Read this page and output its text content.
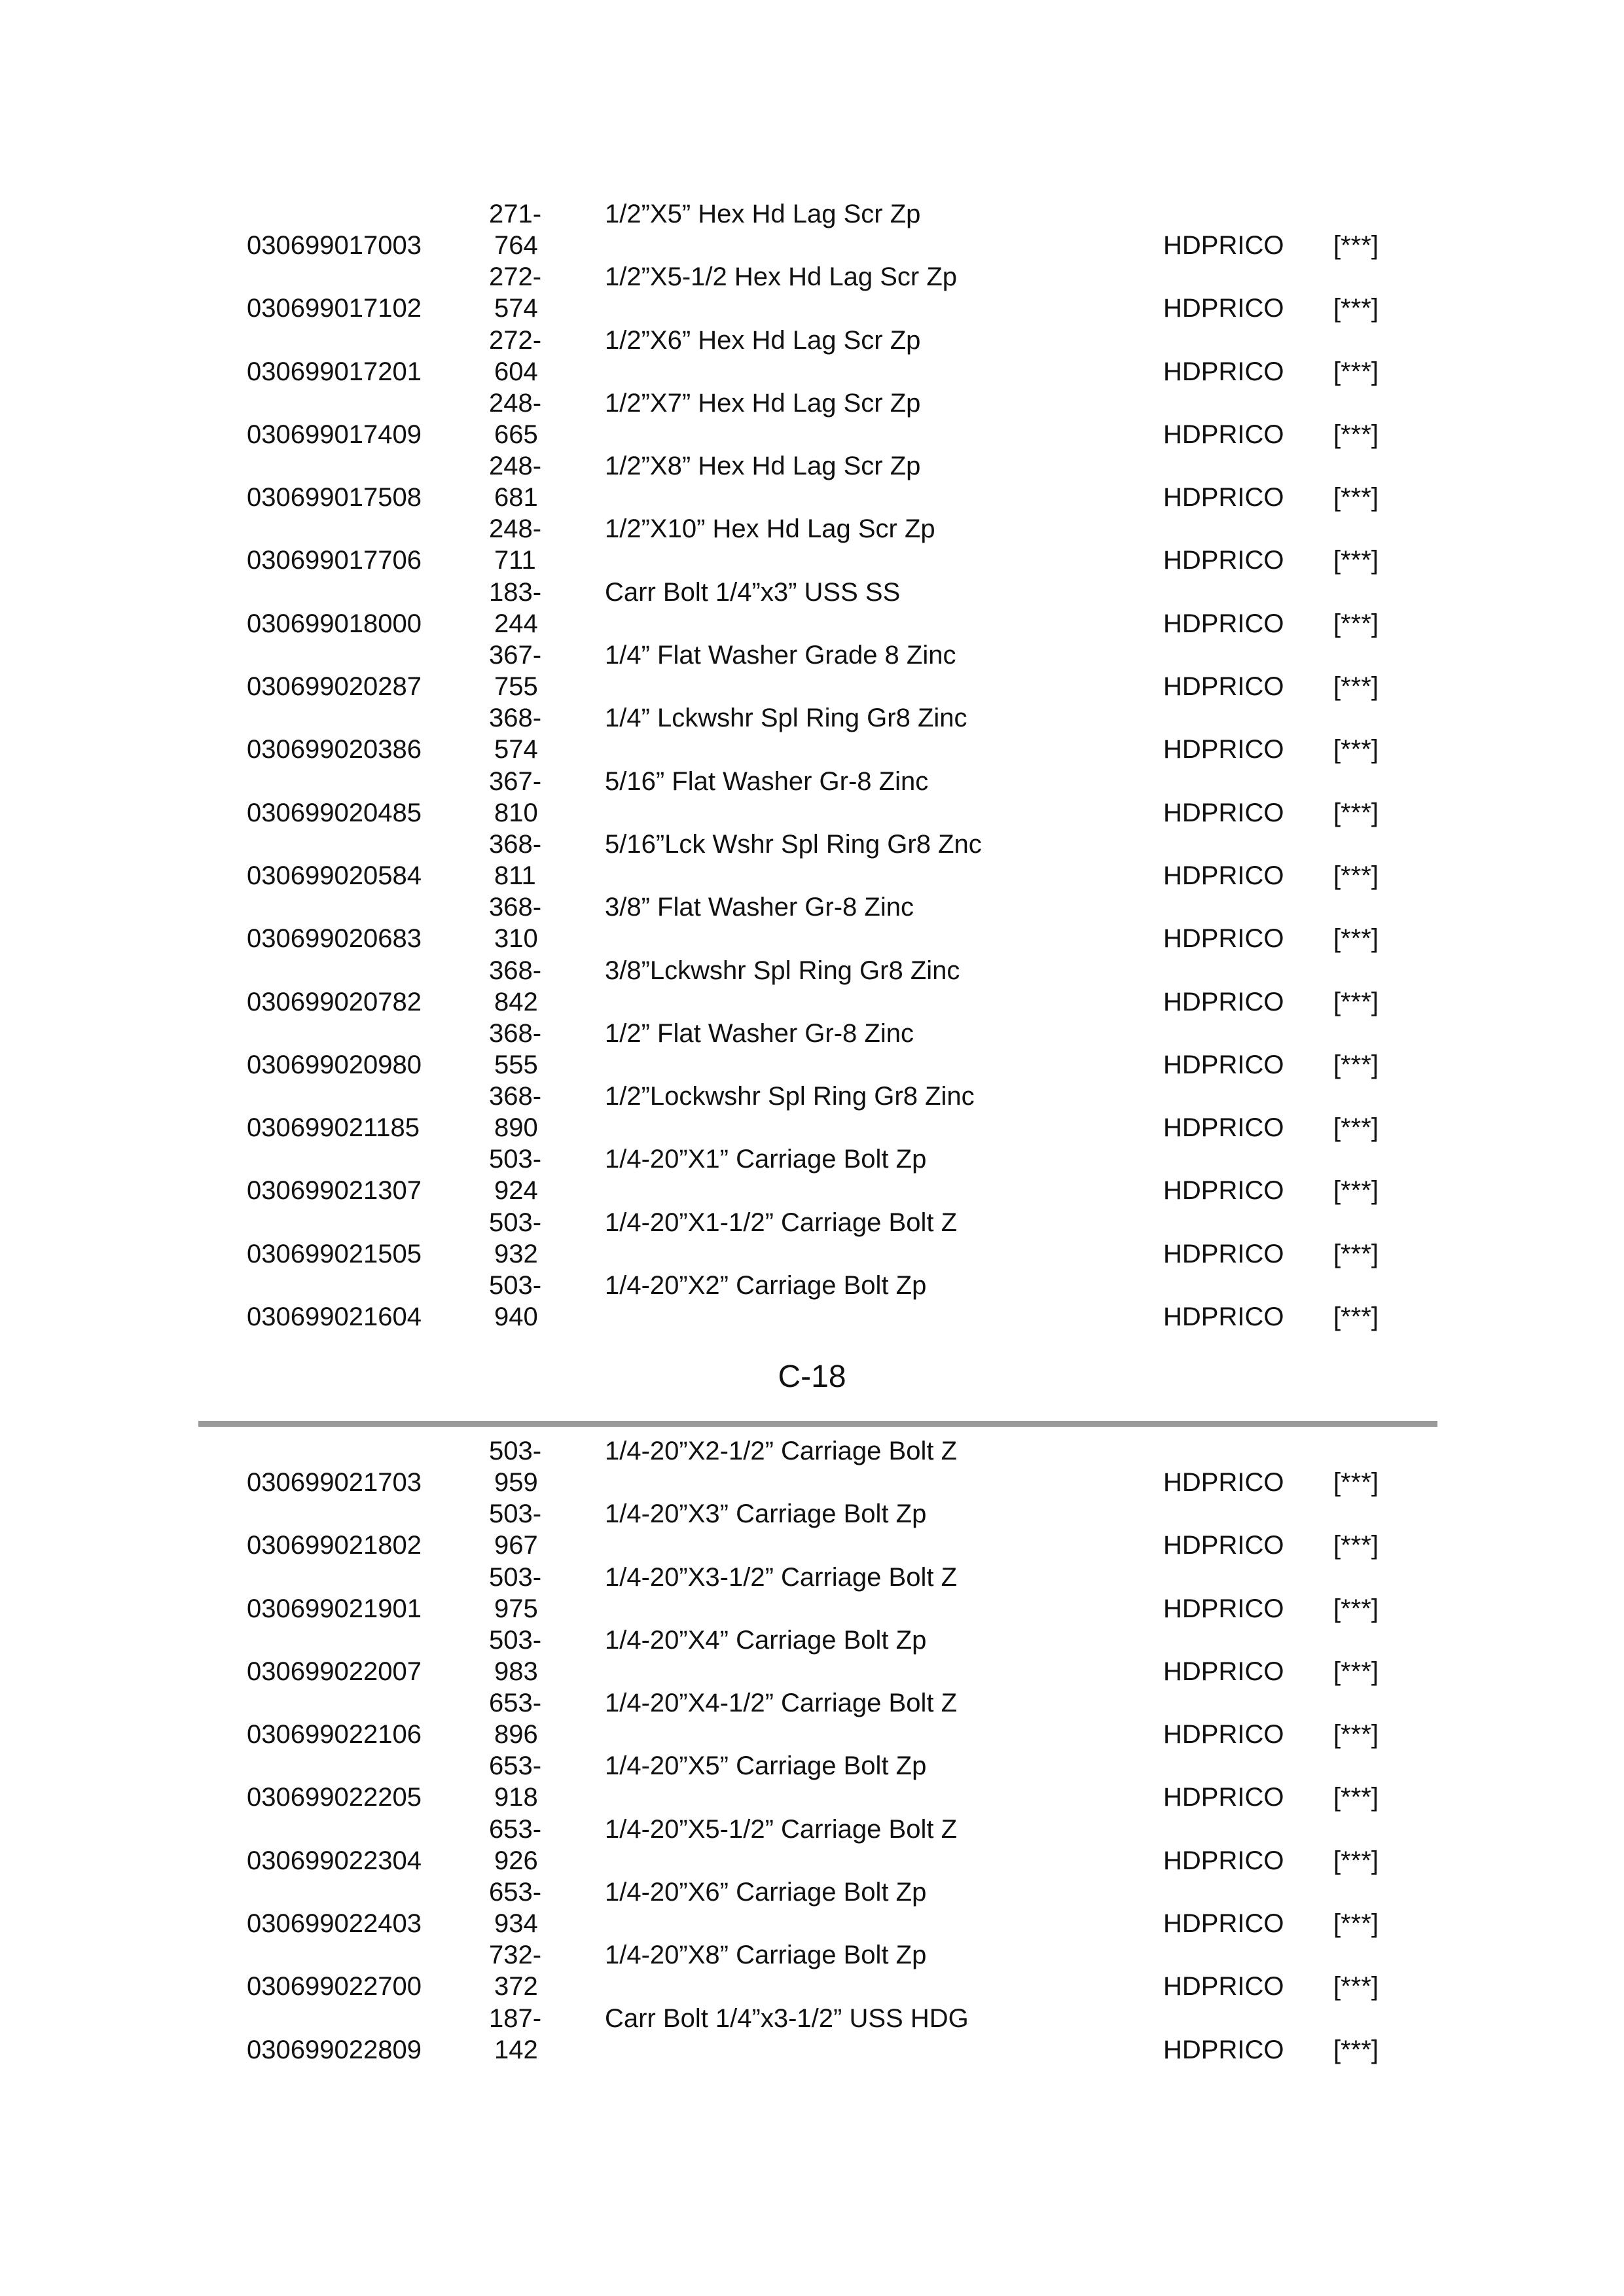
030699017003
271-
764
1/2”X5” Hex Hd Lag Scr Zp
HDPRICO [***]
030699017102
272-
574
1/2”X5-1/2 Hex Hd Lag Scr Zp
HDPRICO [***]
030699017201
272-
604
1/2”X6” Hex Hd Lag Scr Zp
HDPRICO [***]
030699017409
248-
665
1/2”X7” Hex Hd Lag Scr Zp
HDPRICO [***]
030699017508
248-
681
1/2”X8” Hex Hd Lag Scr Zp
HDPRICO [***]
030699017706
248-
711
1/2”X10” Hex Hd Lag Scr Zp
HDPRICO [***]
030699018000
183-
244
Carr Bolt 1/4”x3” USS SS
HDPRICO [***]
030699020287
367-
755
1/4” Flat Washer Grade 8 Zinc
HDPRICO [***]
030699020386
368-
574
1/4” Lckwshr Spl Ring Gr8 Zinc
HDPRICO [***]
030699020485
367-
810
5/16” Flat Washer Gr-8 Zinc
HDPRICO [***]
030699020584
368-
811
5/16”Lck Wshr Spl Ring Gr8 Znc
HDPRICO [***]
030699020683
368-
310
3/8” Flat Washer Gr-8 Zinc
HDPRICO [***]
030699020782
368-
842
3/8”Lckwshr Spl Ring Gr8 Zinc
HDPRICO [***]
030699020980
368-
555
1/2” Flat Washer Gr-8 Zinc
HDPRICO [***]
030699021185
368-
890
1/2”Lockwshr Spl Ring Gr8 Zinc
HDPRICO [***]
030699021307
503-
924
1/4-20”X1” Carriage Bolt Zp
HDPRICO [***]
030699021505
503-
932
1/4-20”X1-1/2” Carriage Bolt Z
HDPRICO [***]
030699021604
503-
940
1/4-20”X2” Carriage Bolt Zp
HDPRICO [***]
C-18
030699021703
503-
959
1/4-20”X2-1/2” Carriage Bolt Z
HDPRICO [***]
030699021802
503-
967
1/4-20”X3” Carriage Bolt Zp
HDPRICO [***]
030699021901
503-
975
1/4-20”X3-1/2” Carriage Bolt Z
HDPRICO [***]
030699022007
503-
983
1/4-20”X4” Carriage Bolt Zp
HDPRICO [***]
030699022106
653-
896
1/4-20”X4-1/2” Carriage Bolt Z
HDPRICO [***]
030699022205
653-
918
1/4-20”X5” Carriage Bolt Zp
HDPRICO [***]
030699022304
653-
926
1/4-20”X5-1/2” Carriage Bolt Z
HDPRICO [***]
030699022403
653-
934
1/4-20”X6” Carriage Bolt Zp
HDPRICO [***]
030699022700
732-
372
1/4-20”X8” Carriage Bolt Zp
HDPRICO [***]
030699022809
187-
142
Carr Bolt 1/4”x3-1/2” USS HDG
HDPRICO [***]
